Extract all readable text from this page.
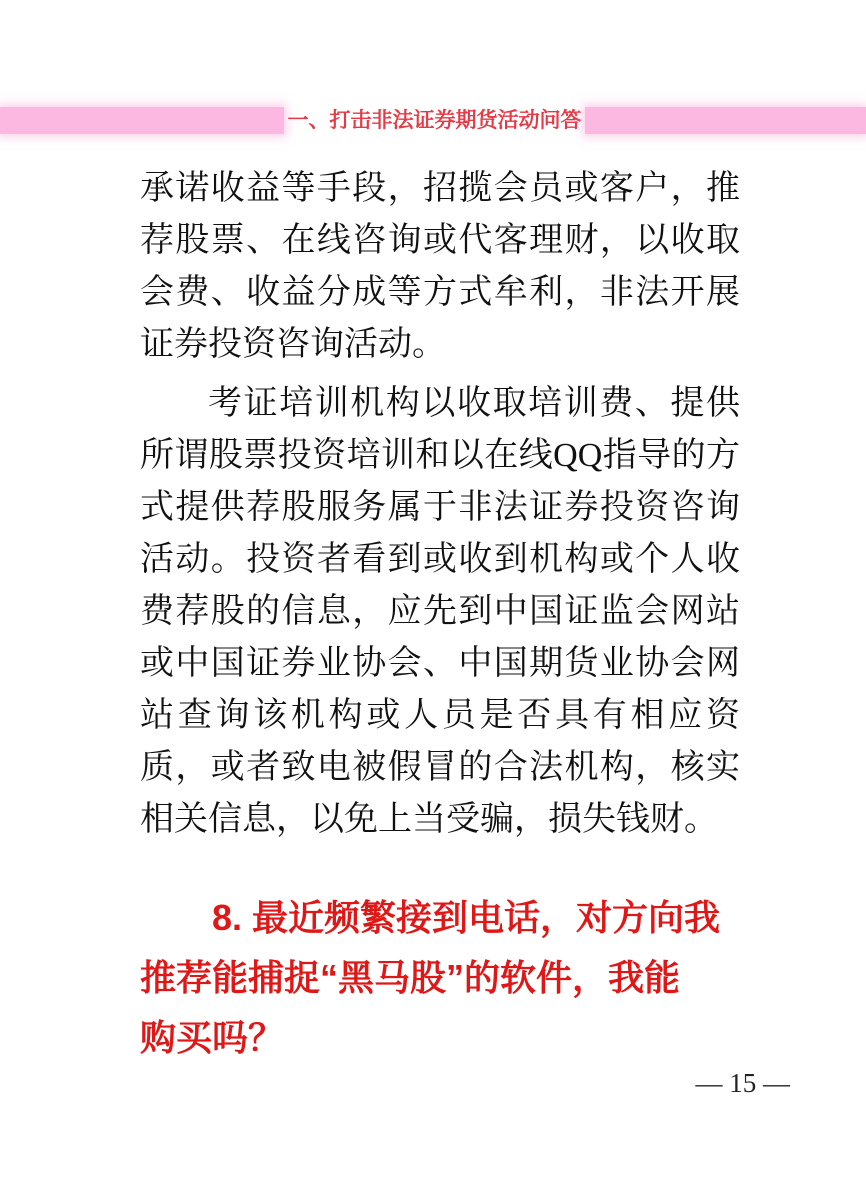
一、打击非法证券期货活动问答

承诺收益等手段，招揽会员或客户，推荐股票、在线咨询或代客理财，以收取会费、收益分成等方式牟利，非法开展证券投资咨询活动。

考证培训机构以收取培训费、提供所谓股票投资培训和以在线QQ指导的方式提供荐股服务属于非法证券投资咨询活动。投资者看到或收到机构或个人收费荐股的信息，应先到中国证监会网站或中国证券业协会、中国期货业协会网站查询该机构或人员是否具有相应资质，或者致电被假冒的合法机构，核实相关信息，以免上当受骗，损失钱财。

8. 最近频繁接到电话，对方向我
推荐能捕捉“黑马股”的软件，我能
购买吗？
— 15 —
